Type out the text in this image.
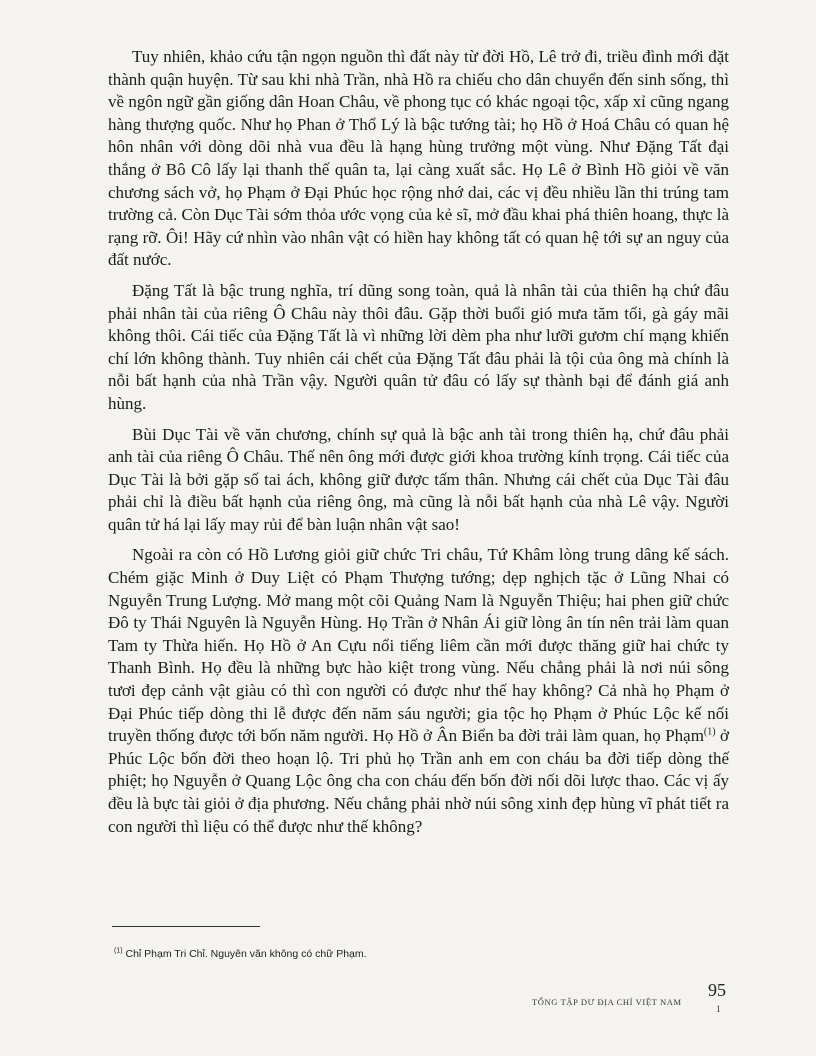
Tuy nhiên, khảo cứu tận ngọn nguồn thì đất này từ đời Hồ, Lê trở đi, triều đình mới đặt thành quận huyện. Từ sau khi nhà Trần, nhà Hồ ra chiếu cho dân chuyển đến sinh sống, thì về ngôn ngữ gần giống dân Hoan Châu, về phong tục có khác ngoại tộc, xấp xỉ cũng ngang hàng thượng quốc. Như họ Phan ở Thổ Lý là bậc tướng tài; họ Hồ ở Hoá Châu có quan hệ hôn nhân với dòng dõi nhà vua đều là hạng hùng trưởng một vùng. Như Đặng Tất đại thắng ở Bô Cô lấy lại thanh thế quân ta, lại càng xuất sắc. Họ Lê ở Bình Hồ giỏi về văn chương sách vở, họ Phạm ở Đại Phúc học rộng nhớ dai, các vị đều nhiều lần thi trúng tam trường cả. Còn Dục Tài sớm thỏa ước vọng của kẻ sĩ, mở đầu khai phá thiên hoang, thực là rạng rỡ. Ôi! Hãy cứ nhìn vào nhân vật có hiền hay không tất có quan hệ tới sự an nguy của đất nước.

Đặng Tất là bậc trung nghĩa, trí dũng song toàn, quả là nhân tài của thiên hạ chứ đâu phải nhân tài của riêng Ô Châu này thôi đâu. Gặp thời buổi gió mưa tăm tối, gà gáy mãi không thôi. Cái tiếc của Đặng Tất là vì những lời dèm pha như lưỡi gươm chí mạng khiến chí lớn không thành. Tuy nhiên cái chết của Đặng Tất đâu phải là tội của ông mà chính là nỗi bất hạnh của nhà Trần vậy. Người quân tử đâu có lấy sự thành bại để đánh giá anh hùng.

Bùi Dục Tài về văn chương, chính sự quả là bậc anh tài trong thiên hạ, chứ đâu phải anh tài của riêng Ô Châu. Thế nên ông mới được giới khoa trường kính trọng. Cái tiếc của Dục Tài là bởi gặp số tai ách, không giữ được tấm thân. Nhưng cái chết của Dục Tài đâu phải chỉ là điều bất hạnh của riêng ông, mà cũng là nỗi bất hạnh của nhà Lê vậy. Người quân tử há lại lấy may rủi để bàn luận nhân vật sao!

Ngoài ra còn có Hồ Lương giỏi giữ chức Tri châu, Tứ Khâm lòng trung dâng kế sách. Chém giặc Minh ở Duy Liệt có Phạm Thượng tướng; dẹp nghịch tặc ở Lũng Nhai có Nguyễn Trung Lượng. Mở mang một cõi Quảng Nam là Nguyễn Thiệu; hai phen giữ chức Đô ty Thái Nguyên là Nguyễn Hùng. Họ Trần ở Nhân Ái giữ lòng ân tín nên trải làm quan Tam ty Thừa hiến. Họ Hồ ở An Cựu nổi tiếng liêm cần mới được thăng giữ hai chức ty Thanh Bình. Họ đều là những bực hào kiệt trong vùng. Nếu chẳng phải là nơi núi sông tươi đẹp cảnh vật giàu có thì con người có được như thế hay không? Cả nhà họ Phạm ở Đại Phúc tiếp dòng thi lễ được đến năm sáu người; gia tộc họ Phạm ở Phúc Lộc kế nối truyền thống được tới bốn năm người. Họ Hồ ở Ân Biển ba đời trải làm quan, họ Phạm$^{(1)}$ ở Phúc Lộc bốn đời theo hoạn lộ. Tri phủ họ Trần anh em con cháu ba đời tiếp dòng thế phiệt; họ Nguyễn ở Quang Lộc ông cha con cháu đến bốn đời nối dõi lược thao. Các vị ấy đều là bực tài giỏi ở địa phương. Nếu chẳng phải nhờ núi sông xinh đẹp hùng vĩ phát tiết ra con người thì liệu có thể được như thế không?

$^{(1)}$ Chỉ Phạm Tri Chỉ. Nguyên văn không có chữ Phạm.
TỔNG TẬP DƯ ĐỊA CHÍ VIỆT NAM
95
1
